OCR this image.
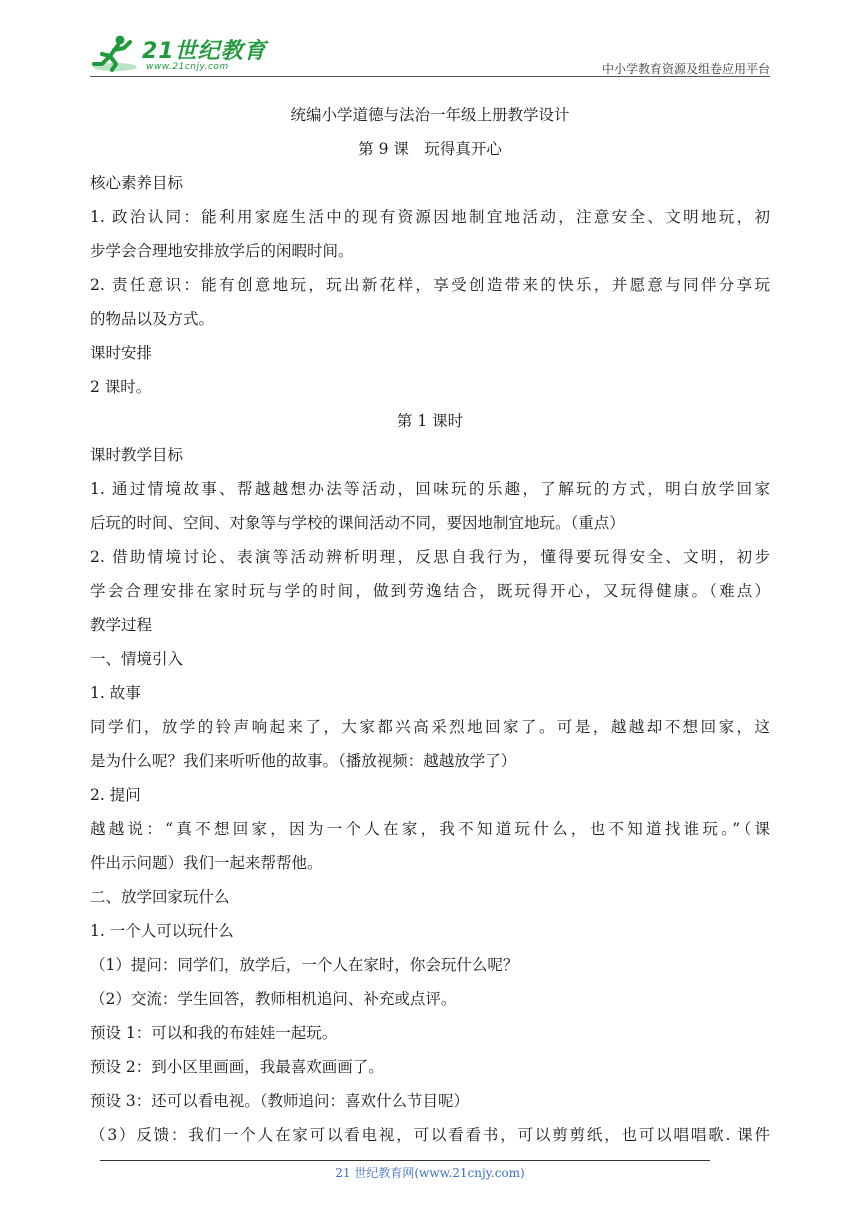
21世纪教育
www.21cnjy.com	中小学教育资源及组卷应用平台
统编小学道德与法治一年级上册教学设计
第 9 课　玩得真开心
核心素养目标
1. 政治认同：能利用家庭生活中的现有资源因地制宜地活动，注意安全、文明地玩，初
步学会合理地安排放学后的闲暇时间。
2. 责任意识：能有创意地玩，玩出新花样，享受创造带来的快乐，并愿意与同伴分享玩
的物品以及方式。
课时安排
2 课时。
第 1 课时
课时教学目标
1. 通过情境故事、帮越越想办法等活动，回味玩的乐趣，了解玩的方式，明白放学回家
后玩的时间、空间、对象等与学校的课间活动不同，要因地制宜地玩。（重点）
2. 借助情境讨论、表演等活动辨析明理，反思自我行为，懂得要玩得安全、文明，初步
学会合理安排在家时玩与学的时间，做到劳逸结合，既玩得开心，又玩得健康。（难点）
教学过程
一、情境引入
1. 故事
同学们，放学的铃声响起来了，大家都兴高采烈地回家了。可是，越越却不想回家，这
是为什么呢？我们来听听他的故事。（播放视频：越越放学了）
2. 提问
越越说：“真不想回家，因为一个人在家，我不知道玩什么，也不知道找谁玩。”（课
件出示问题）我们一起来帮帮他。
二、放学回家玩什么
1. 一个人可以玩什么
（1）提问：同学们，放学后，一个人在家时，你会玩什么呢？
（2）交流：学生回答，教师相机追问、补充或点评。
预设 1：可以和我的布娃娃一起玩。
预设 2：到小区里画画，我最喜欢画画了。
预设 3：还可以看电视。（教师追问：喜欢什么节目呢）
（3）反馈：我们一个人在家可以看电视，可以看看书，可以剪剪纸，也可以唱唱歌. 课件
21 世纪教育网(www.21cnjy.com)
